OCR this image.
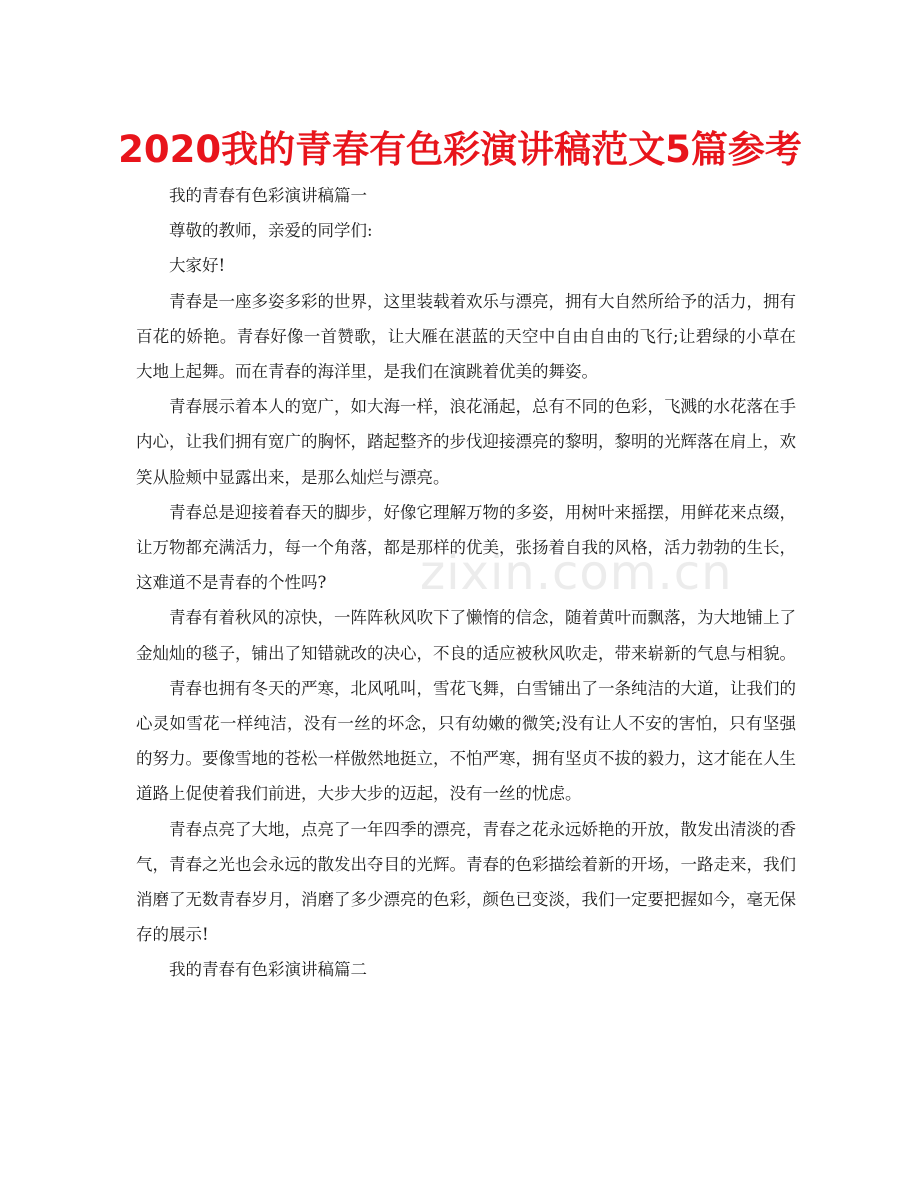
2020我的青春有色彩演讲稿范文5篇参考

我的青春有色彩演讲稿篇一

尊敬的教师，亲爱的同学们:

大家好!

青春是一座多姿多彩的世界，这里装载着欢乐与漂亮，拥有大自然所给予的活力，拥有百花的娇艳。青春好像一首赞歌，让大雁在湛蓝的天空中自由自由的飞行;让碧绿的小草在大地上起舞。而在青春的海洋里，是我们在演跳着优美的舞姿。

青春展示着本人的宽广，如大海一样，浪花涌起，总有不同的色彩，飞溅的水花落在手内心，让我们拥有宽广的胸怀，踏起整齐的步伐迎接漂亮的黎明，黎明的光辉落在肩上，欢笑从脸颊中显露出来，是那么灿烂与漂亮。

青春总是迎接着春天的脚步，好像它理解万物的多姿，用树叶来摇摆，用鲜花来点缀，让万物都充满活力，每一个角落，都是那样的优美，张扬着自我的风格，活力勃勃的生长，这难道不是青春的个性吗?

青春有着秋风的凉快，一阵阵秋风吹下了懒惰的信念，随着黄叶而飘落，为大地铺上了金灿灿的毯子，铺出了知错就改的决心，不良的适应被秋风吹走，带来崭新的气息与相貌。

青春也拥有冬天的严寒，北风吼叫，雪花飞舞，白雪铺出了一条纯洁的大道，让我们的心灵如雪花一样纯洁，没有一丝的坏念，只有幼嫩的微笑;没有让人不安的害怕，只有坚强的努力。要像雪地的苍松一样傲然地挺立，不怕严寒，拥有坚贞不拔的毅力，这才能在人生道路上促使着我们前进，大步大步的迈起，没有一丝的忧虑。

青春点亮了大地，点亮了一年四季的漂亮，青春之花永远娇艳的开放，散发出清淡的香气，青春之光也会永远的散发出夺目的光辉。青春的色彩描绘着新的开场，一路走来，我们消磨了无数青春岁月，消磨了多少漂亮的色彩，颜色已变淡，我们一定要把握如今，毫无保存的展示!

我的青春有色彩演讲稿篇二

zixin.com.cn
